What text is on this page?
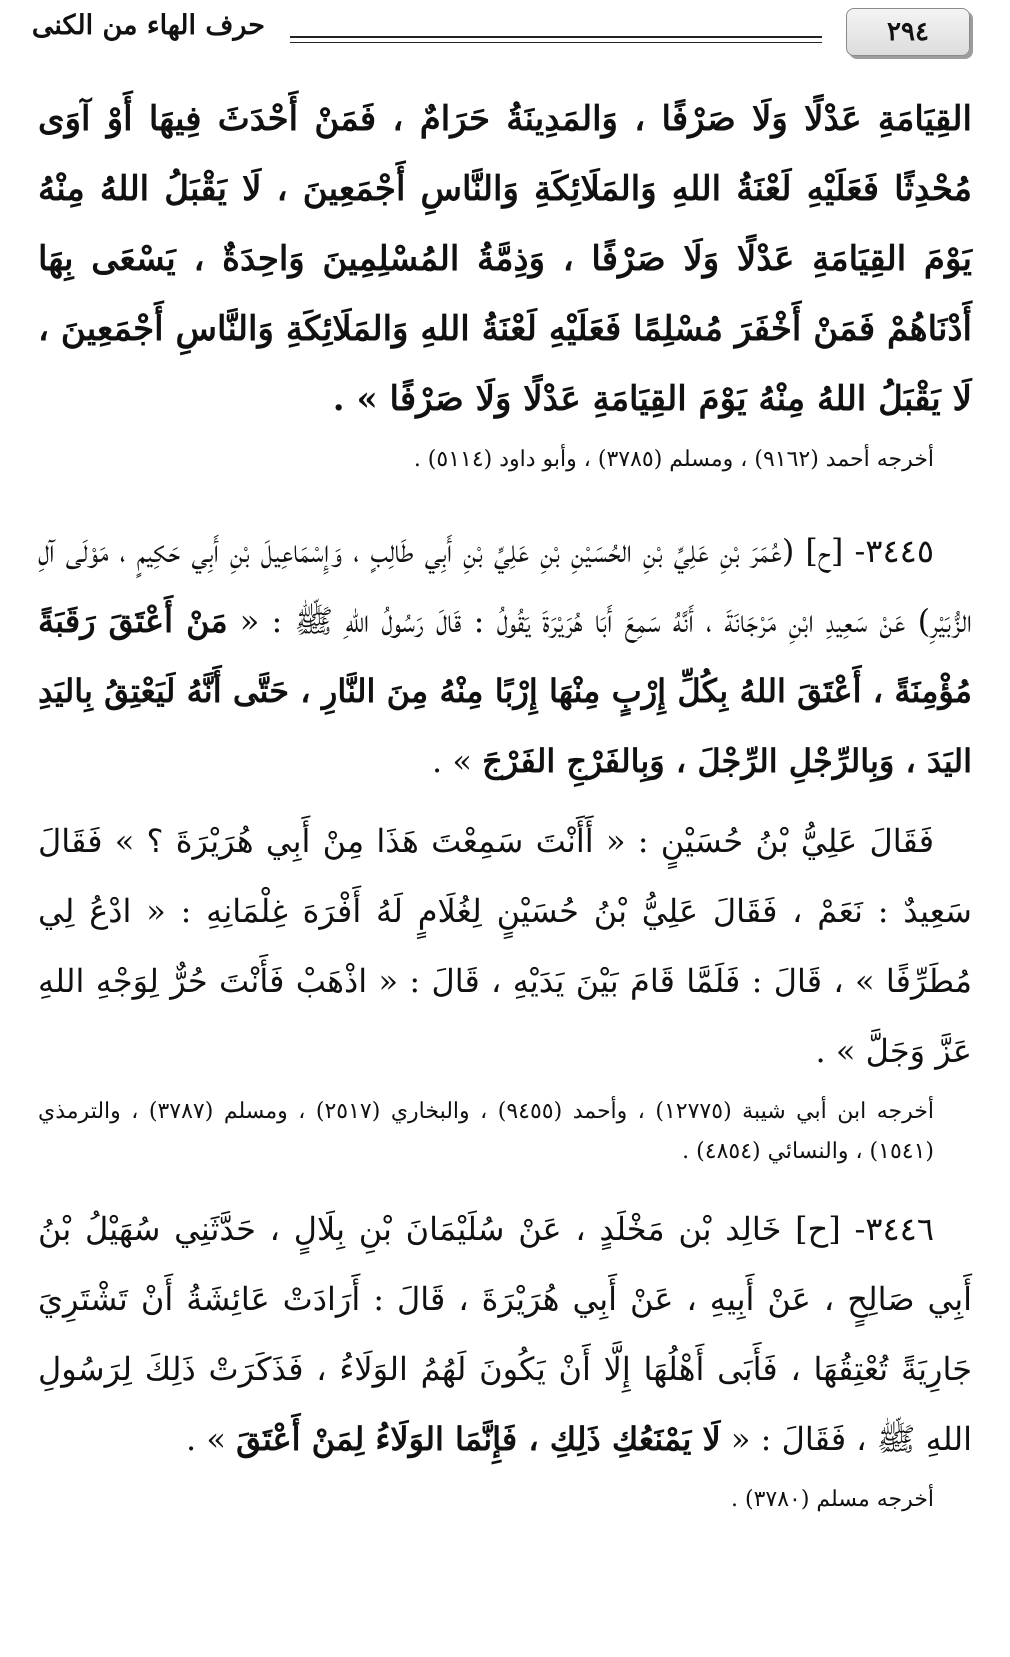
٢٩٤
حرف الهاء من الكنى

القِيَامَةِ عَدْلًا وَلَا صَرْفًا ، وَالمَدِينَةُ حَرَامٌ ، فَمَنْ أَحْدَثَ فِيهَا أَوْ آوَى مُحْدِثًا فَعَلَيْهِ لَعْنَةُ اللهِ وَالمَلَائِكَةِ وَالنَّاسِ أَجْمَعِينَ ، لَا يَقْبَلُ اللهُ مِنْهُ يَوْمَ القِيَامَةِ عَدْلًا وَلَا صَرْفًا ، وَذِمَّةُ المُسْلِمِينَ وَاحِدَةٌ ، يَسْعَى بِهَا أَدْنَاهُمْ فَمَنْ أَخْفَرَ مُسْلِمًا فَعَلَيْهِ لَعْنَةُ اللهِ وَالمَلَائِكَةِ وَالنَّاسِ أَجْمَعِينَ ، لَا يَقْبَلُ اللهُ مِنْهُ يَوْمَ القِيَامَةِ عَدْلًا وَلَا صَرْفًا » .

أخرجه أحمد (٩١٦٢) ، ومسلم (٣٧٨٥) ، وأبو داود (٥١١٤) .

٣٤٤٥- [ح] (عُمَرَ بْنِ عَلِيِّ بْنِ الحُسَيْنِ بْنِ عَلِيِّ بْنِ أَبِي طَالِبٍ ، وَإِسْمَاعِيلَ بْنِ أَبِي حَكِيمٍ ، مَوْلَى آلِ الزُّبَيْرِ) عَنْ سَعِيدِ ابْنِ مَرْجَانَةَ ، أَنَّهُ سَمِعَ أَبَا هُرَيْرَةَ يَقُولُ : قَالَ رَسُولُ اللهِ ﷺ : « مَنْ أَعْتَقَ رَقَبَةً مُؤْمِنَةً ، أَعْتَقَ اللهُ بِكُلِّ إِرْبٍ مِنْهَا إِرْبًا مِنْهُ مِنَ النَّارِ ، حَتَّى أَنَّهُ لَيَعْتِقُ بِاليَدِ اليَدَ ، وَبِالرِّجْلِ الرِّجْلَ ، وَبِالفَرْجِ الفَرْجَ » .

فَقَالَ عَلِيُّ بْنُ حُسَيْنٍ : « أَأَنْتَ سَمِعْتَ هَذَا مِنْ أَبِي هُرَيْرَةَ ؟ » فَقَالَ سَعِيدٌ : نَعَمْ ، فَقَالَ عَلِيُّ بْنُ حُسَيْنٍ لِغُلَامٍ لَهُ أَفْرَهَ غِلْمَانِهِ : « ادْعُ لِي مُطَرِّفًا » ، قَالَ : فَلَمَّا قَامَ بَيْنَ يَدَيْهِ ، قَالَ : « اذْهَبْ فَأَنْتَ حُرٌّ لِوَجْهِ اللهِ عَزَّ وَجَلَّ » .

أخرجه ابن أبي شيبة (١٢٧٧٥) ، وأحمد (٩٤٥٥) ، والبخاري (٢٥١٧) ، ومسلم (٣٧٨٧) ، والترمذي (١٥٤١) ، والنسائي (٤٨٥٤) .

٣٤٤٦- [ح] خَالِد بْن مَخْلَدٍ ، عَنْ سُلَيْمَانَ بْنِ بِلَالٍ ، حَدَّثَنِي سُهَيْلُ بْنُ أَبِي صَالِحٍ ، عَنْ أَبِيهِ ، عَنْ أَبِي هُرَيْرَةَ ، قَالَ : أَرَادَتْ عَائِشَةُ أَنْ تَشْتَرِيَ جَارِيَةً تُعْتِقُهَا ، فَأَبَى أَهْلُهَا إِلَّا أَنْ يَكُونَ لَهُمُ الوَلَاءُ ، فَذَكَرَتْ ذَلِكَ لِرَسُولِ اللهِ ﷺ ، فَقَالَ : « لَا يَمْنَعُكِ ذَلِكِ ، فَإِنَّمَا الوَلَاءُ لِمَنْ أَعْتَقَ » .

أخرجه مسلم (٣٧٨٠) .
